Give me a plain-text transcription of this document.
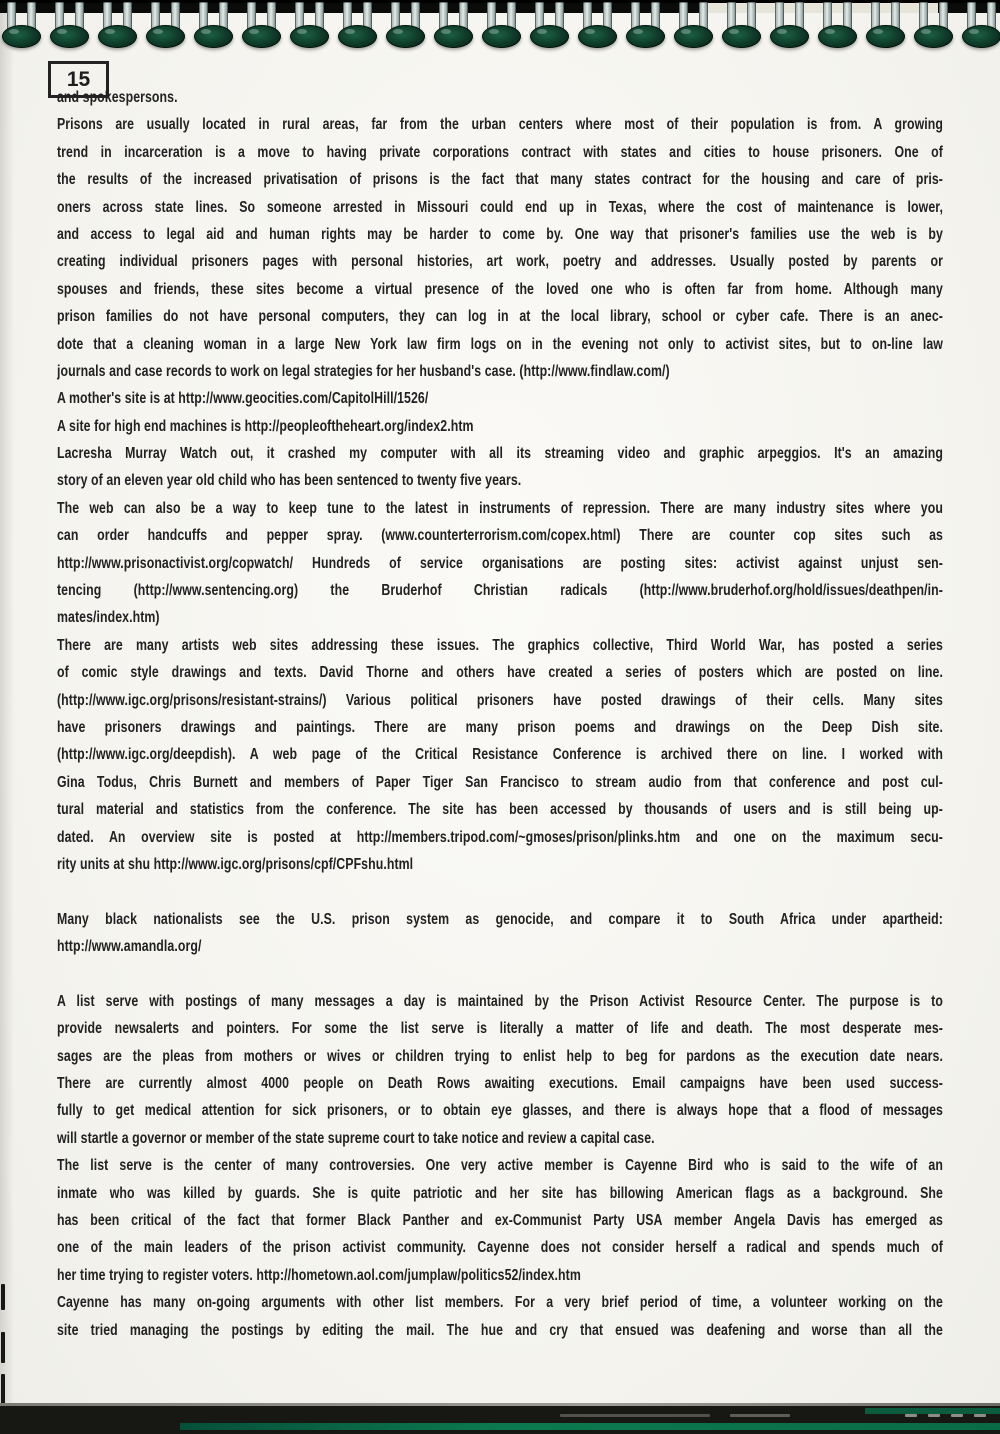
15
and spokespersons.
Prisons are usually located in rural areas, far from the urban centers where most of their population is from. A growing
trend in incarceration is a move to having private corporations contract with states and cities to house prisoners. One of
the results of the increased privatisation of prisons is the fact that many states contract for the housing and care of pris-
oners across state lines. So someone arrested in Missouri could end up in Texas, where the cost of maintenance is lower,
and access to legal aid and human rights may be harder to come by. One way that prisoner's families use the web is by
creating individual prisoners pages with personal histories, art work, poetry and addresses. Usually posted by parents or
spouses and friends, these sites become a virtual presence of the loved one who is often far from home. Although many
prison families do not have personal computers, they can log in at the local library, school or cyber cafe. There is an anec-
dote that a cleaning woman in a large New York law firm logs on in the evening not only to activist sites, but to on-line law
journals and case records to work on legal strategies for her husband's case. (http://www.findlaw.com/)
A mother's site is at http://www.geocities.com/CapitolHill/1526/
A site for high end machines is http://peopleoftheheart.org/index2.htm
Lacresha Murray Watch out, it crashed my computer with all its streaming video and graphic arpeggios. It's an amazing
story of an eleven year old child who has been sentenced to twenty five years.
The web can also be a way to keep tune to the latest in instruments of repression. There are many industry sites where you
can order handcuffs and pepper spray. (www.counterterrorism.com/copex.html) There are counter cop sites such as
http://www.prisonactivist.org/copwatch/ Hundreds of service organisations are posting sites: activist against unjust sen-
tencing (http://www.sentencing.org) the Bruderhof Christian radicals (http://www.bruderhof.org/hold/issues/deathpen/in-
mates/index.htm)
There are many artists web sites addressing these issues. The graphics collective, Third World War, has posted a series
of comic style drawings and texts. David Thorne and others have created a series of posters which are posted on line.
(http://www.igc.org/prisons/resistant-strains/) Various political prisoners have posted drawings of their cells. Many sites
have prisoners drawings and paintings. There are many prison poems and drawings on the Deep Dish site.
(http://www.igc.org/deepdish). A web page of the Critical Resistance Conference is archived there on line. I worked with
Gina Todus, Chris Burnett and members of Paper Tiger San Francisco to stream audio from that conference and post cul-
tural material and statistics from the conference. The site has been accessed by thousands of users and is still being up-
dated. An overview site is posted at http://members.tripod.com/~gmoses/prison/plinks.htm and one on the maximum secu-
rity units at shu http://www.igc.org/prisons/cpf/CPFshu.html
Many black nationalists see the U.S. prison system as genocide, and compare it to South Africa under apartheid:
http://www.amandla.org/
A list serve with postings of many messages a day is maintained by the Prison Activist Resource Center. The purpose is to
provide newsalerts and pointers. For some the list serve is literally a matter of life and death. The most desperate mes-
sages are the pleas from mothers or wives or children trying to enlist help to beg for pardons as the execution date nears.
There are currently almost 4000 people on Death Rows awaiting executions. Email campaigns have been used success-
fully to get medical attention for sick prisoners, or to obtain eye glasses, and there is always hope that a flood of messages
will startle a governor or member of the state supreme court to take notice and review a capital case.
The list serve is the center of many controversies. One very active member is Cayenne Bird who is said to the wife of an
inmate who was killed by guards. She is quite patriotic and her site has billowing American flags as a background. She
has been critical of the fact that former Black Panther and ex-Communist Party USA member Angela Davis has emerged as
one of the main leaders of the prison activist community. Cayenne does not consider herself a radical and spends much of
her time trying to register voters. http://hometown.aol.com/jumplaw/politics52/index.htm
Cayenne has many on-going arguments with other list members. For a very brief period of time, a volunteer working on the
site tried managing the postings by editing the mail. The hue and cry that ensued was deafening and worse than all the
